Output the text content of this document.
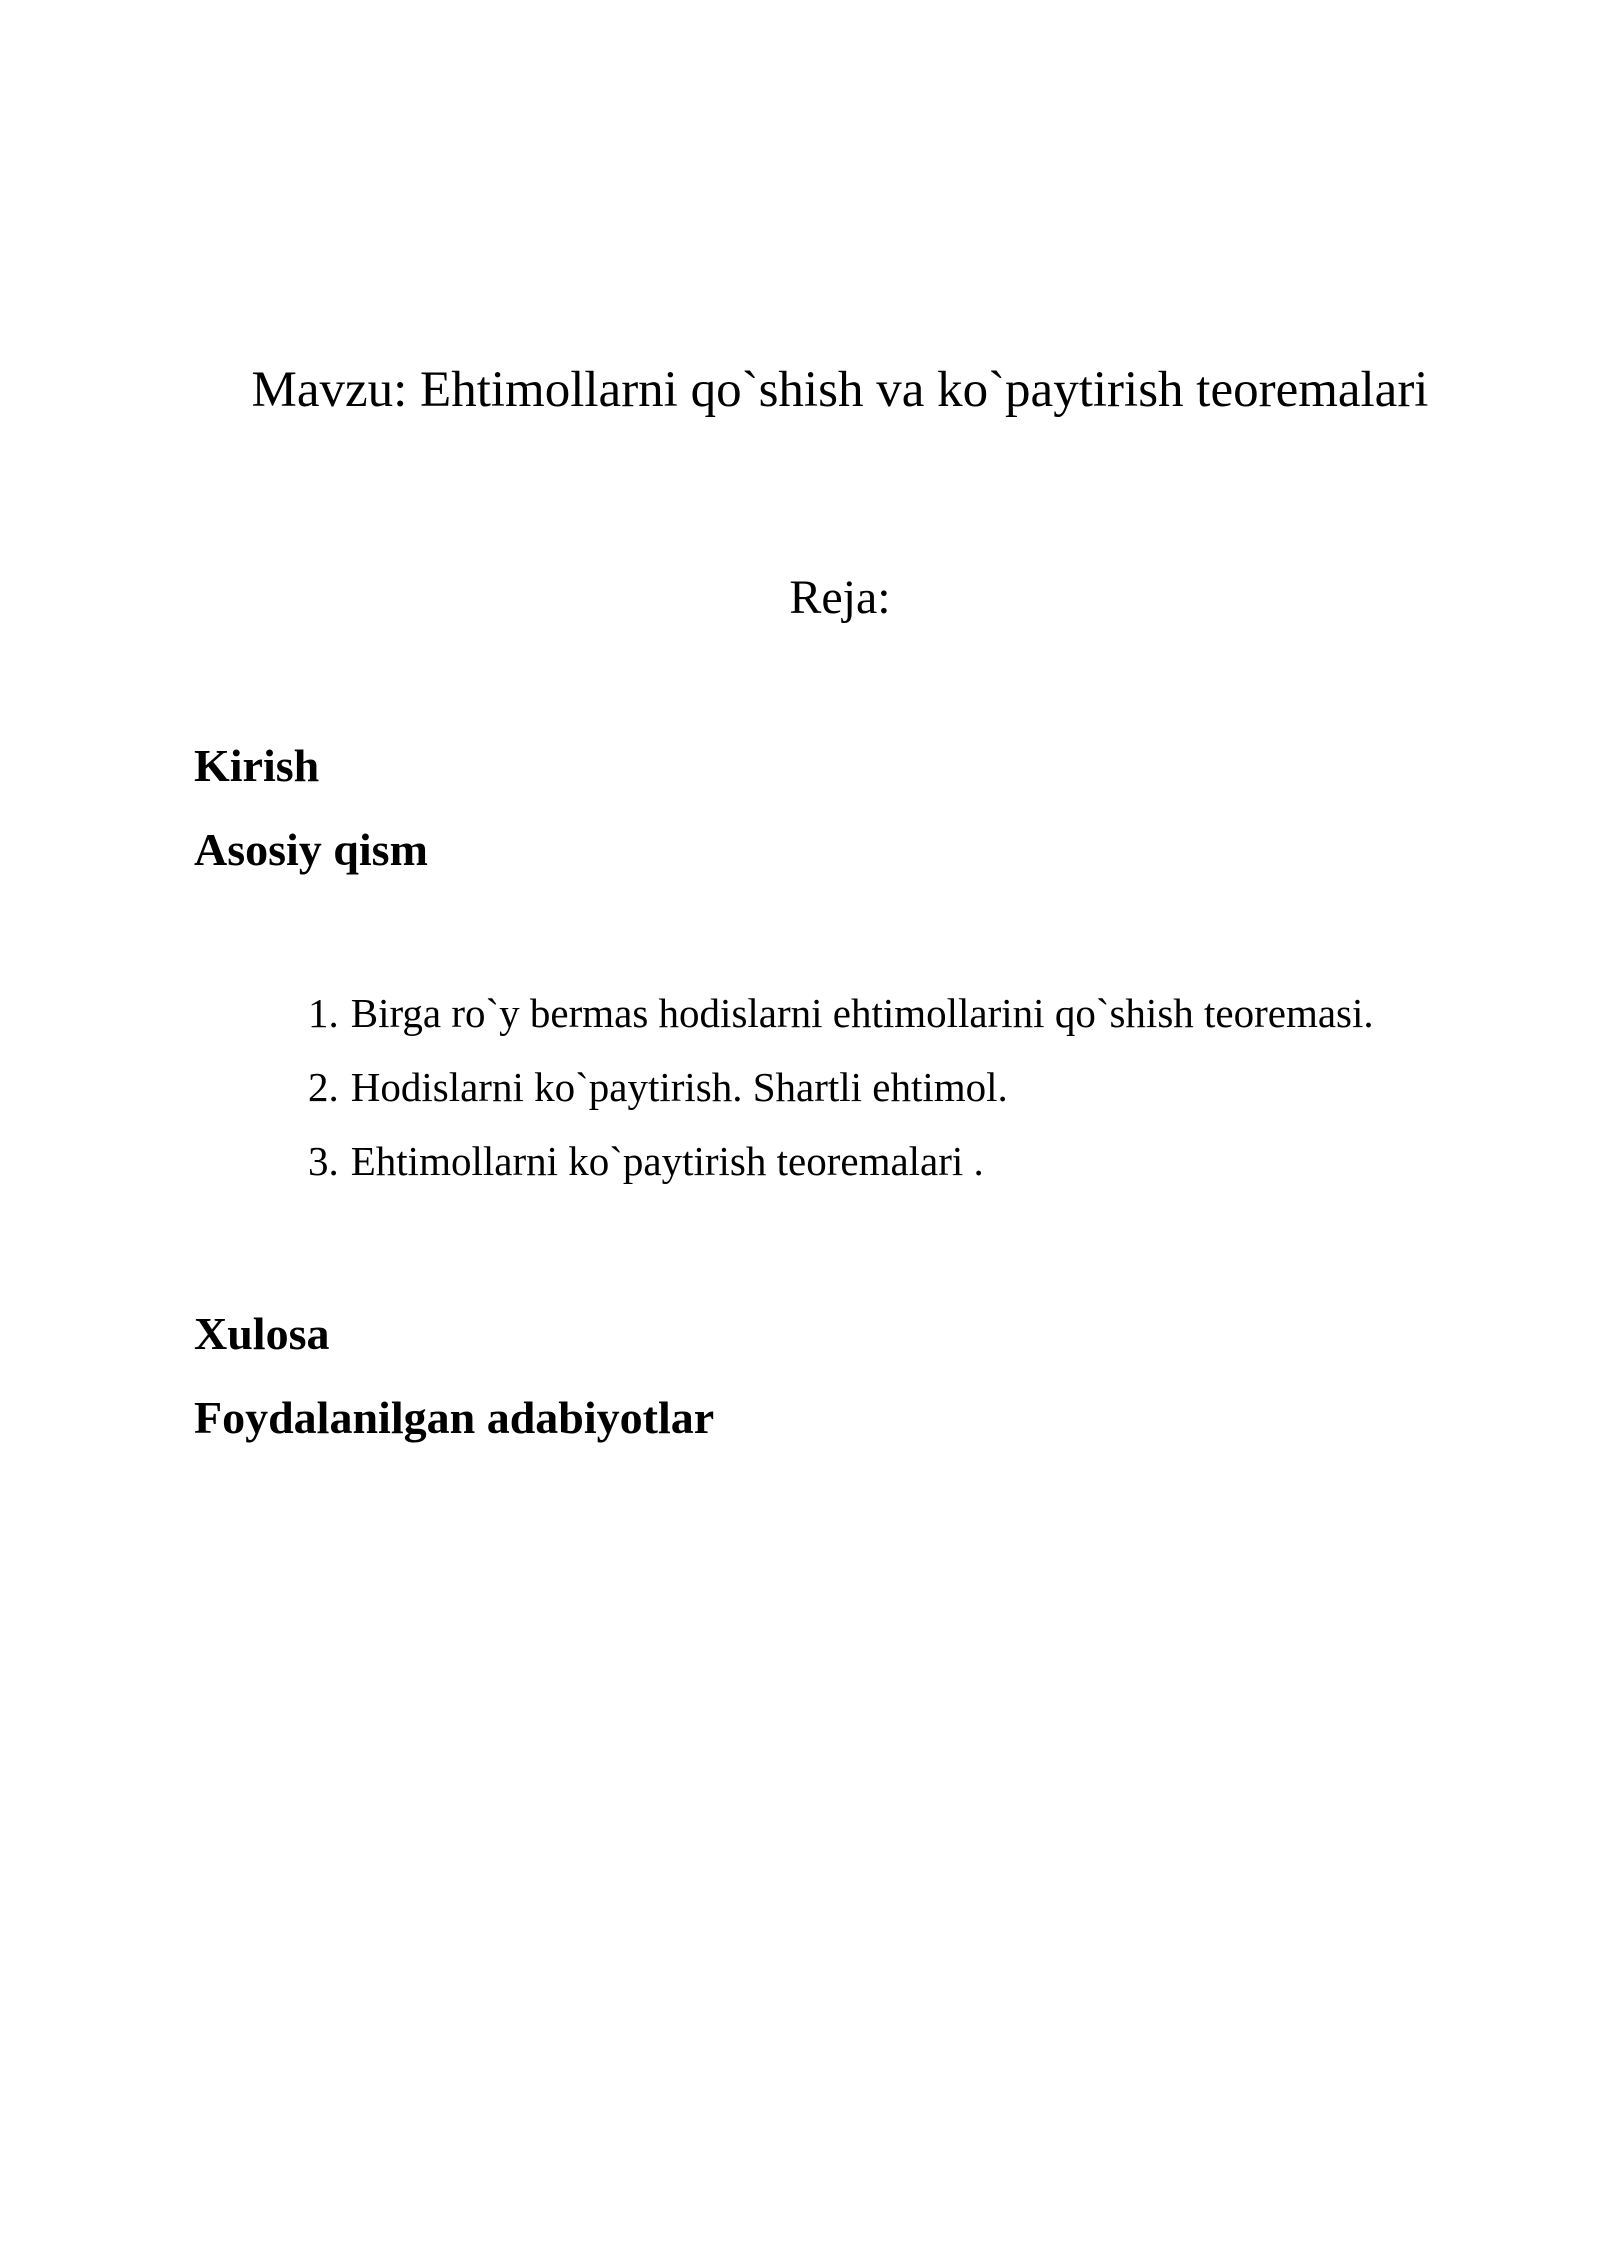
Mavzu: Ehtimollarni qo`shish va ko`paytirish teoremalari
Reja:
Kirish
Asosiy qism
1. Birga ro`y bermas hodislarni ehtimollarini qo`shish teoremasi.
2. Hodislarni ko`paytirish. Shartli ehtimol.
3. Ehtimollarni ko`paytirish teoremalari .
Xulosa
Foydalanilgan adabiyotlar
